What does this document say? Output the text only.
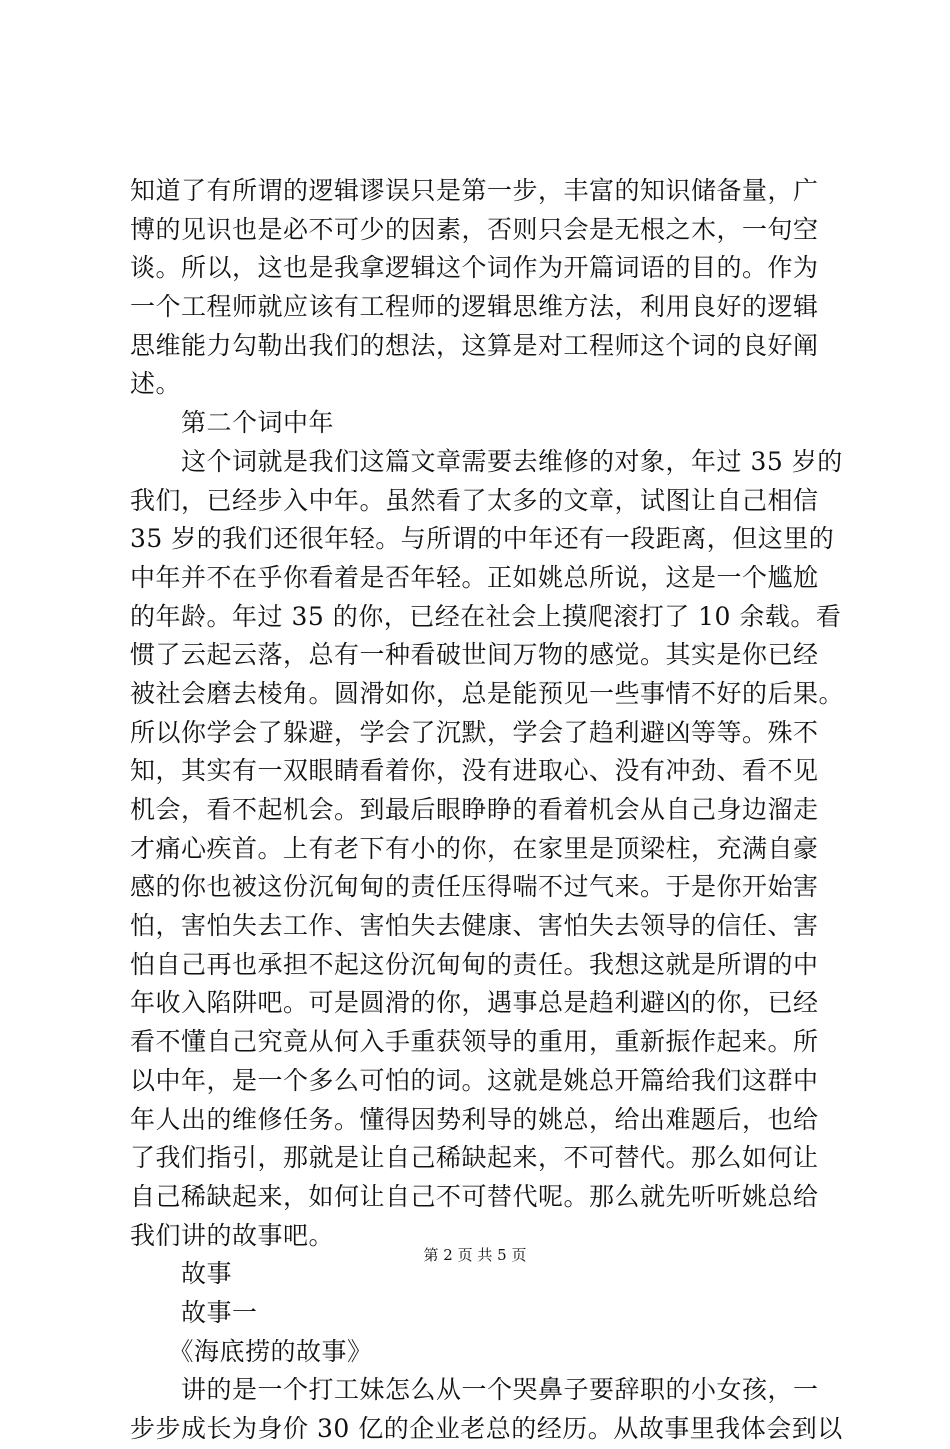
知道了有所谓的逻辑谬误只是第一步，丰富的知识储备量，广
博的见识也是必不可少的因素，否则只会是无根之木，一句空
谈。所以，这也是我拿逻辑这个词作为开篇词语的目的。作为
一个工程师就应该有工程师的逻辑思维方法，利用良好的逻辑
思维能力勾勒出我们的想法，这算是对工程师这个词的良好阐
述。
　　第二个词中年
　　这个词就是我们这篇文章需要去维修的对象，年过 35 岁的
我们，已经步入中年。虽然看了太多的文章，试图让自己相信
35 岁的我们还很年轻。与所谓的中年还有一段距离，但这里的
中年并不在乎你看着是否年轻。正如姚总所说，这是一个尴尬
的年龄。年过 35 的你，已经在社会上摸爬滚打了 10 余载。看
惯了云起云落，总有一种看破世间万物的感觉。其实是你已经
被社会磨去棱角。圆滑如你，总是能预见一些事情不好的后果。
所以你学会了躲避，学会了沉默，学会了趋利避凶等等。殊不
知，其实有一双眼睛看着你，没有进取心、没有冲劲、看不见
机会，看不起机会。到最后眼睁睁的看着机会从自己身边溜走
才痛心疾首。上有老下有小的你，在家里是顶梁柱，充满自豪
感的你也被这份沉甸甸的责任压得喘不过气来。于是你开始害
怕，害怕失去工作、害怕失去健康、害怕失去领导的信任、害
怕自己再也承担不起这份沉甸甸的责任。我想这就是所谓的中
年收入陷阱吧。可是圆滑的你，遇事总是趋利避凶的你，已经
看不懂自己究竟从何入手重获领导的重用，重新振作起来。所
以中年，是一个多么可怕的词。这就是姚总开篇给我们这群中
年人出的维修任务。懂得因势利导的姚总，给出难题后，也给
了我们指引，那就是让自己稀缺起来，不可替代。那么如何让
自己稀缺起来，如何让自己不可替代呢。那么就先听听姚总给
我们讲的故事吧。
　　故事
　　故事一
　　《海底捞的故事》
　　讲的是一个打工妹怎么从一个哭鼻子要辞职的小女孩，一
步步成长为身价 30 亿的企业老总的经历。从故事里我体会到以
第 2 页 共 5 页
